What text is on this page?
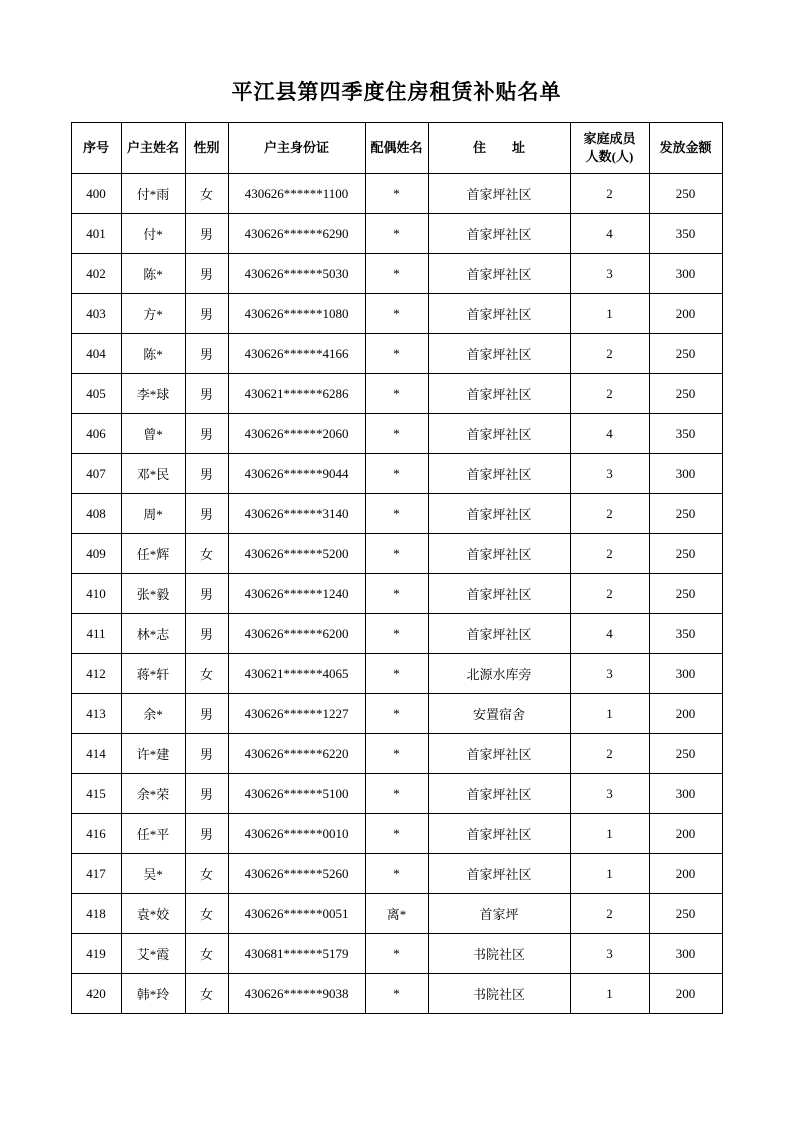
平江县第四季度住房租赁补贴名单
序号	户主姓名	性别	户主身份证	配偶姓名	住　　址	家庭成员
人数(人)	发放金额
400	付*雨	女	430626******1100	*	首家坪社区	2	250
401	付*	男	430626******6290	*	首家坪社区	4	350
402	陈*	男	430626******5030	*	首家坪社区	3	300
403	方*	男	430626******1080	*	首家坪社区	1	200
404	陈*	男	430626******4166	*	首家坪社区	2	250
405	李*球	男	430621******6286	*	首家坪社区	2	250
406	曾*	男	430626******2060	*	首家坪社区	4	350
407	邓*民	男	430626******9044	*	首家坪社区	3	300
408	周*	男	430626******3140	*	首家坪社区	2	250
409	任*辉	女	430626******5200	*	首家坪社区	2	250
410	张*毅	男	430626******1240	*	首家坪社区	2	250
411	林*志	男	430626******6200	*	首家坪社区	4	350
412	蒋*轩	女	430621******4065	*	北源水库旁	3	300
413	余*	男	430626******1227	*	安置宿舍	1	200
414	许*建	男	430626******6220	*	首家坪社区	2	250
415	余*荣	男	430626******5100	*	首家坪社区	3	300
416	任*平	男	430626******0010	*	首家坪社区	1	200
417	吴*	女	430626******5260	*	首家坪社区	1	200
418	袁*姣	女	430626******0051	离*	首家坪	2	250
419	艾*霞	女	430681******5179	*	书院社区	3	300
420	韩*玲	女	430626******9038	*	书院社区	1	200
